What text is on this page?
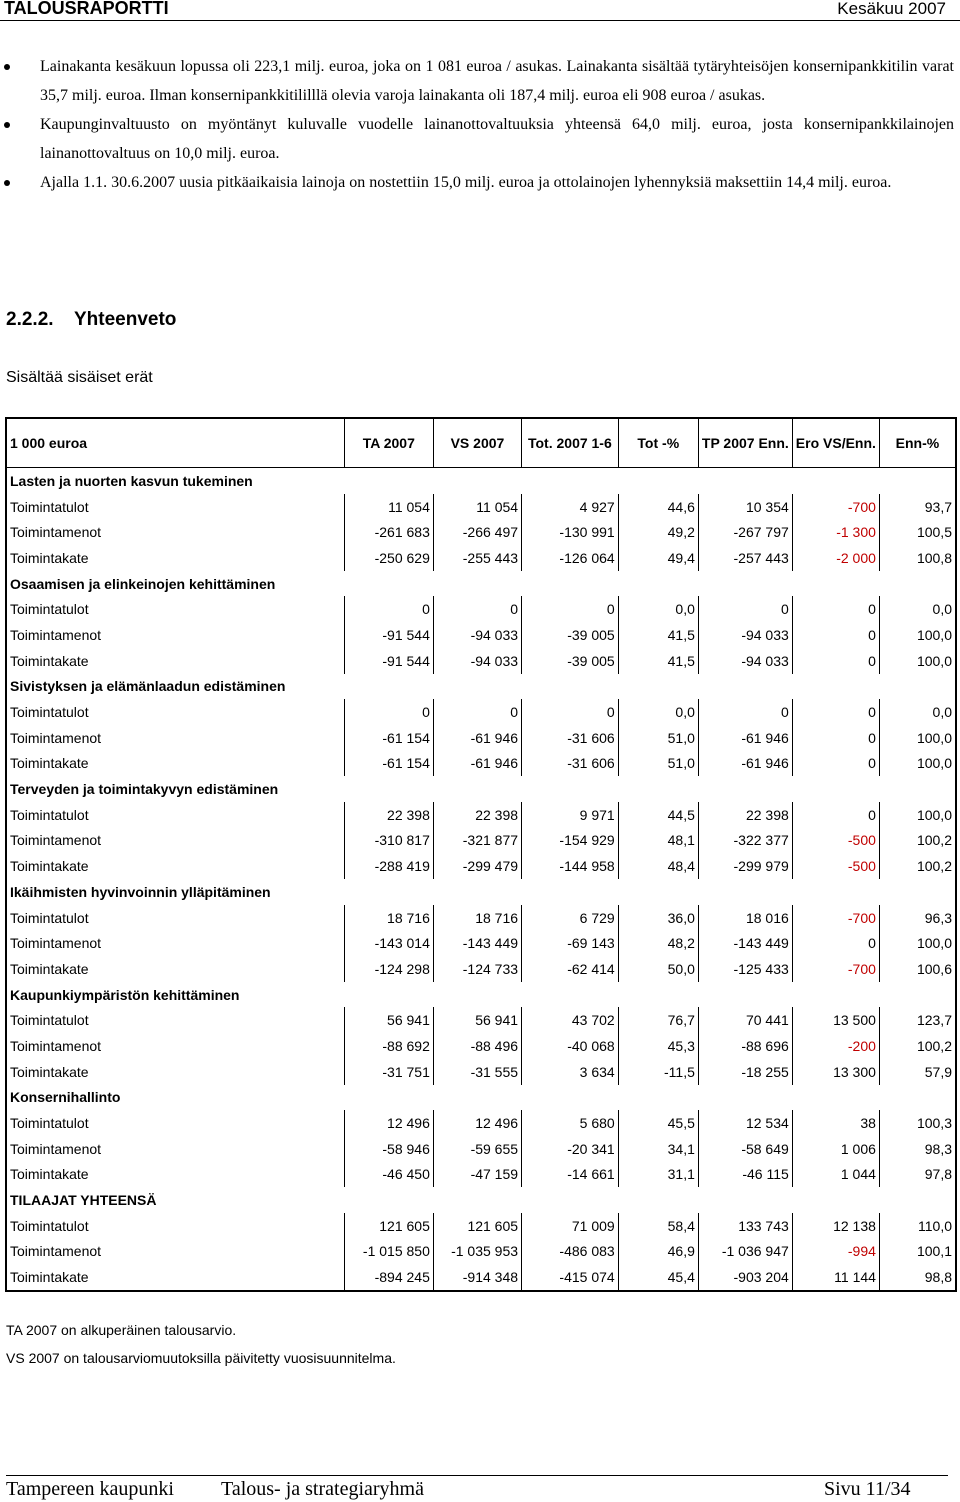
TALOUSRAPORTTI	Kesäkuu 2007
Lainakanta kesäkuun lopussa oli 223,1 milj. euroa, joka on 1 081 euroa / asukas. Lainakanta sisältää tytäryhteisöjen konsernipankkitilin varat 35,7 milj. euroa. Ilman konsernipankkitililllä olevia varoja lainakanta oli 187,4 milj. euroa eli 908 euroa / asukas.
Kaupunginvaltuusto on myöntänyt kuluvalle vuodelle lainanottovaltuuksia yhteensä 64,0 milj. euroa, josta konsernipankkilainojen lainanottovaltuus on 10,0 milj. euroa.
Ajalla 1.1. 30.6.2007 uusia pitkäaikaisia lainoja on nostettiin 15,0 milj. euroa ja ottolainojen lyhennyksiä maksettiin 14,4 milj. euroa.
2.2.2. Yhteenveto
Sisältää sisäiset erät
1 000 euroa	TA 2007	VS 2007	Tot. 2007 1-6	Tot -%	TP 2007 Enn.	Ero VS/Enn.	Enn-%
Lasten ja nuorten kasvun tukeminen							
Toimintatulot	11 054	11 054	4 927	44,6	10 354	-700	93,7
Toimintamenot	-261 683	-266 497	-130 991	49,2	-267 797	-1 300	100,5
Toimintakate	-250 629	-255 443	-126 064	49,4	-257 443	-2 000	100,8
Osaamisen ja elinkeinojen kehittäminen							
Toimintatulot	0	0	0	0,0	0	0	0,0
Toimintamenot	-91 544	-94 033	-39 005	41,5	-94 033	0	100,0
Toimintakate	-91 544	-94 033	-39 005	41,5	-94 033	0	100,0
Sivistyksen ja elämänlaadun edistäminen							
Toimintatulot	0	0	0	0,0	0	0	0,0
Toimintamenot	-61 154	-61 946	-31 606	51,0	-61 946	0	100,0
Toimintakate	-61 154	-61 946	-31 606	51,0	-61 946	0	100,0
Terveyden ja toimintakyvyn edistäminen							
Toimintatulot	22 398	22 398	9 971	44,5	22 398	0	100,0
Toimintamenot	-310 817	-321 877	-154 929	48,1	-322 377	-500	100,2
Toimintakate	-288 419	-299 479	-144 958	48,4	-299 979	-500	100,2
Ikäihmisten hyvinvoinnin ylläpitäminen							
Toimintatulot	18 716	18 716	6 729	36,0	18 016	-700	96,3
Toimintamenot	-143 014	-143 449	-69 143	48,2	-143 449	0	100,0
Toimintakate	-124 298	-124 733	-62 414	50,0	-125 433	-700	100,6
Kaupunkiympäristön kehittäminen							
Toimintatulot	56 941	56 941	43 702	76,7	70 441	13 500	123,7
Toimintamenot	-88 692	-88 496	-40 068	45,3	-88 696	-200	100,2
Toimintakate	-31 751	-31 555	3 634	-11,5	-18 255	13 300	57,9
Konsernihallinto							
Toimintatulot	12 496	12 496	5 680	45,5	12 534	38	100,3
Toimintamenot	-58 946	-59 655	-20 341	34,1	-58 649	1 006	98,3
Toimintakate	-46 450	-47 159	-14 661	31,1	-46 115	1 044	97,8
TILAAJAT YHTEENSÄ							
Toimintatulot	121 605	121 605	71 009	58,4	133 743	12 138	110,0
Toimintamenot	-1 015 850	-1 035 953	-486 083	46,9	-1 036 947	-994	100,1
Toimintakate	-894 245	-914 348	-415 074	45,4	-903 204	11 144	98,8
TA 2007 on alkuperäinen talousarvio.
VS 2007 on talousarviomuutoksilla päivitetty vuosisuunnitelma.
Tampereen kaupunki Talous- ja strategiaryhmä	Sivu 11/34
